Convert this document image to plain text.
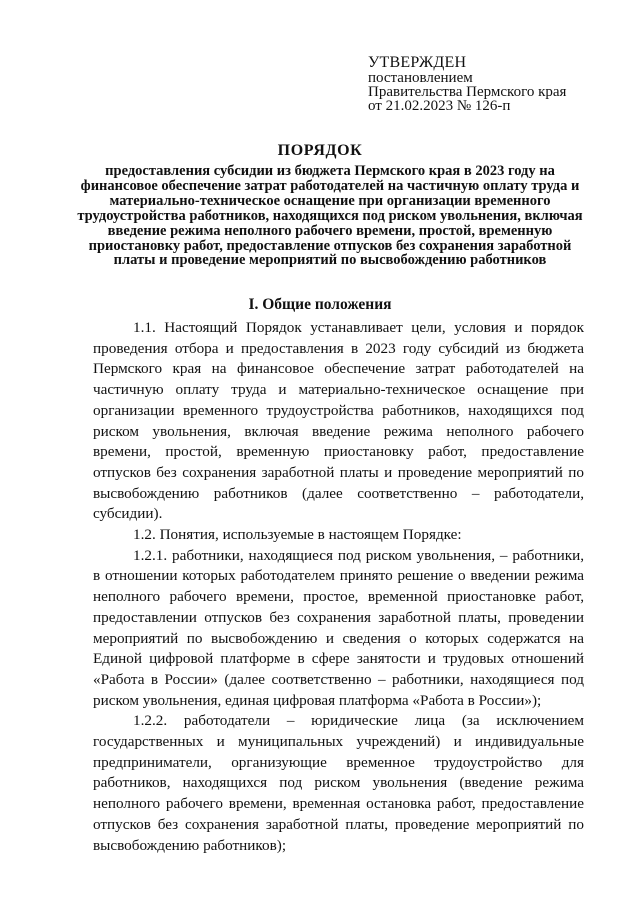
УТВЕРЖДЕН
постановлением
Правительства Пермского края
от 21.02.2023 № 126-п
ПОРЯДОК
предоставления субсидии из бюджета Пермского края в 2023 году на финансовое обеспечение затрат работодателей на частичную оплату труда и материально-техническое оснащение при организации временного трудоустройства работников, находящихся под риском увольнения, включая введение режима неполного рабочего времени, простой, временную приостановку работ, предоставление отпусков без сохранения заработной платы и проведение мероприятий по высвобождению работников
I. Общие положения

1.1. Настоящий Порядок устанавливает цели, условия и порядок проведения отбора и предоставления в 2023 году субсидий из бюджета Пермского края на финансовое обеспечение затрат работодателей на частичную оплату труда и материально-техническое оснащение при организации временного трудоустройства работников, находящихся под риском увольнения, включая введение режима неполного рабочего времени, простой, временную приостановку работ, предоставление отпусков без сохранения заработной платы и проведение мероприятий по высвобождению работников (далее соответственно – работодатели, субсидии).

1.2. Понятия, используемые в настоящем Порядке:

1.2.1. работники, находящиеся под риском увольнения, – работники, в отношении которых работодателем принято решение о введении режима неполного рабочего времени, простое, временной приостановке работ, предоставлении отпусков без сохранения заработной платы, проведении мероприятий по высвобождению и сведения о которых содержатся на Единой цифровой платформе в сфере занятости и трудовых отношений «Работа в России» (далее соответственно – работники, находящиеся под риском увольнения, единая цифровая платформа «Работа в России»);

1.2.2. работодатели – юридические лица (за исключением государственных и муниципальных учреждений) и индивидуальные предприниматели, организующие временное трудоустройство для работников, находящихся под риском увольнения (введение режима неполного рабочего времени, временная остановка работ, предоставление отпусков без сохранения заработной платы, проведение мероприятий по высвобождению работников);
